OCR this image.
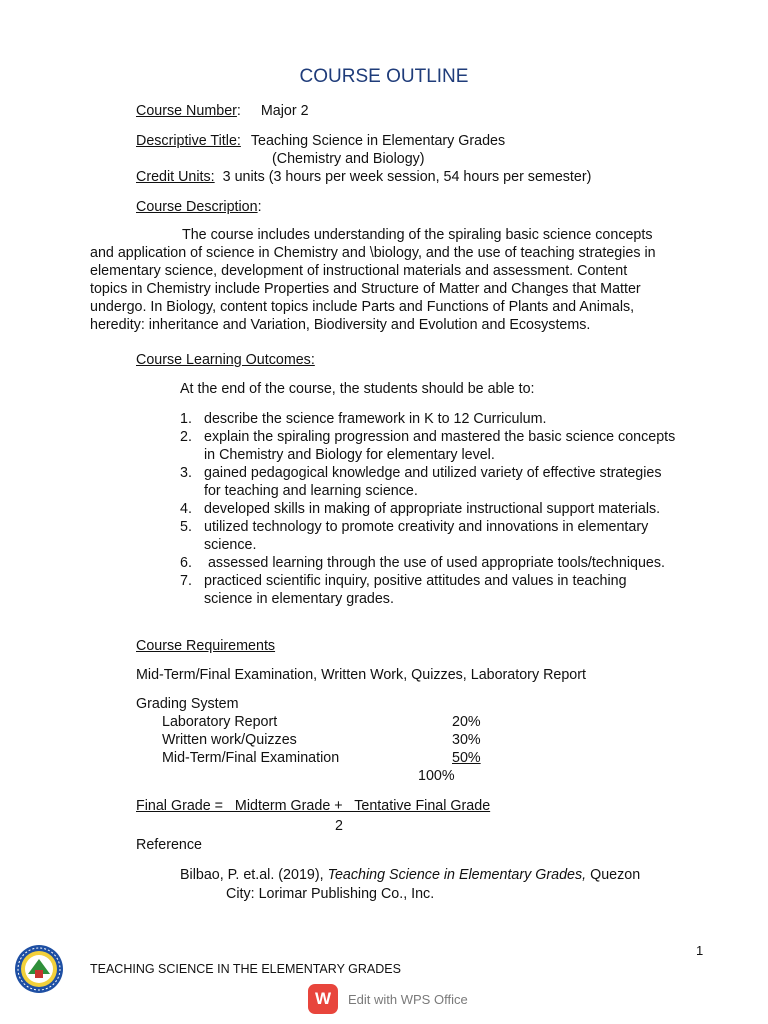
COURSE OUTLINE
Course Number: Major 2
Descriptive Title: Teaching Science in Elementary Grades
(Chemistry and Biology)
Credit Units: 3 units (3 hours per week session, 54 hours per semester)
Course Description:
The course includes understanding of the spiraling basic science concepts
and application of science in Chemistry and \biology, and the use of teaching strategies in
elementary science, development of instructional materials and assessment. Content
topics in Chemistry include Properties and Structure of Matter and Changes that Matter
undergo. In Biology, content topics include Parts and Functions of Plants and Animals,
heredity: inheritance and Variation, Biodiversity and Evolution and Ecosystems.
Course Learning Outcomes:
At the end of the course, the students should be able to:
1. describe the science framework in K to 12 Curriculum.
2. explain the spiraling progression and mastered the basic science concepts
in Chemistry and Biology for elementary level.
3. gained pedagogical knowledge and utilized variety of effective strategies
for teaching and learning science.
4. developed skills in making of appropriate instructional support materials.
5. utilized technology to promote creativity and innovations in elementary
science.
6. assessed learning through the use of used appropriate tools/techniques.
7. practiced scientific inquiry, positive attitudes and values in teaching
science in elementary grades.
Course Requirements
Mid-Term/Final Examination, Written Work, Quizzes, Laboratory Report
Grading System
Laboratory Report	20%
Written work/Quizzes	30%
Mid-Term/Final Examination	50%
100%
Final Grade =   Midterm Grade +   Tentative Final Grade
2
Reference
Bilbao, P. et.al. (2019), Teaching Science in Elementary Grades, Quezon
City: Lorimar Publishing Co., Inc.
1
TEACHING SCIENCE IN THE ELEMENTARY GRADES
W	Edit with WPS Office
